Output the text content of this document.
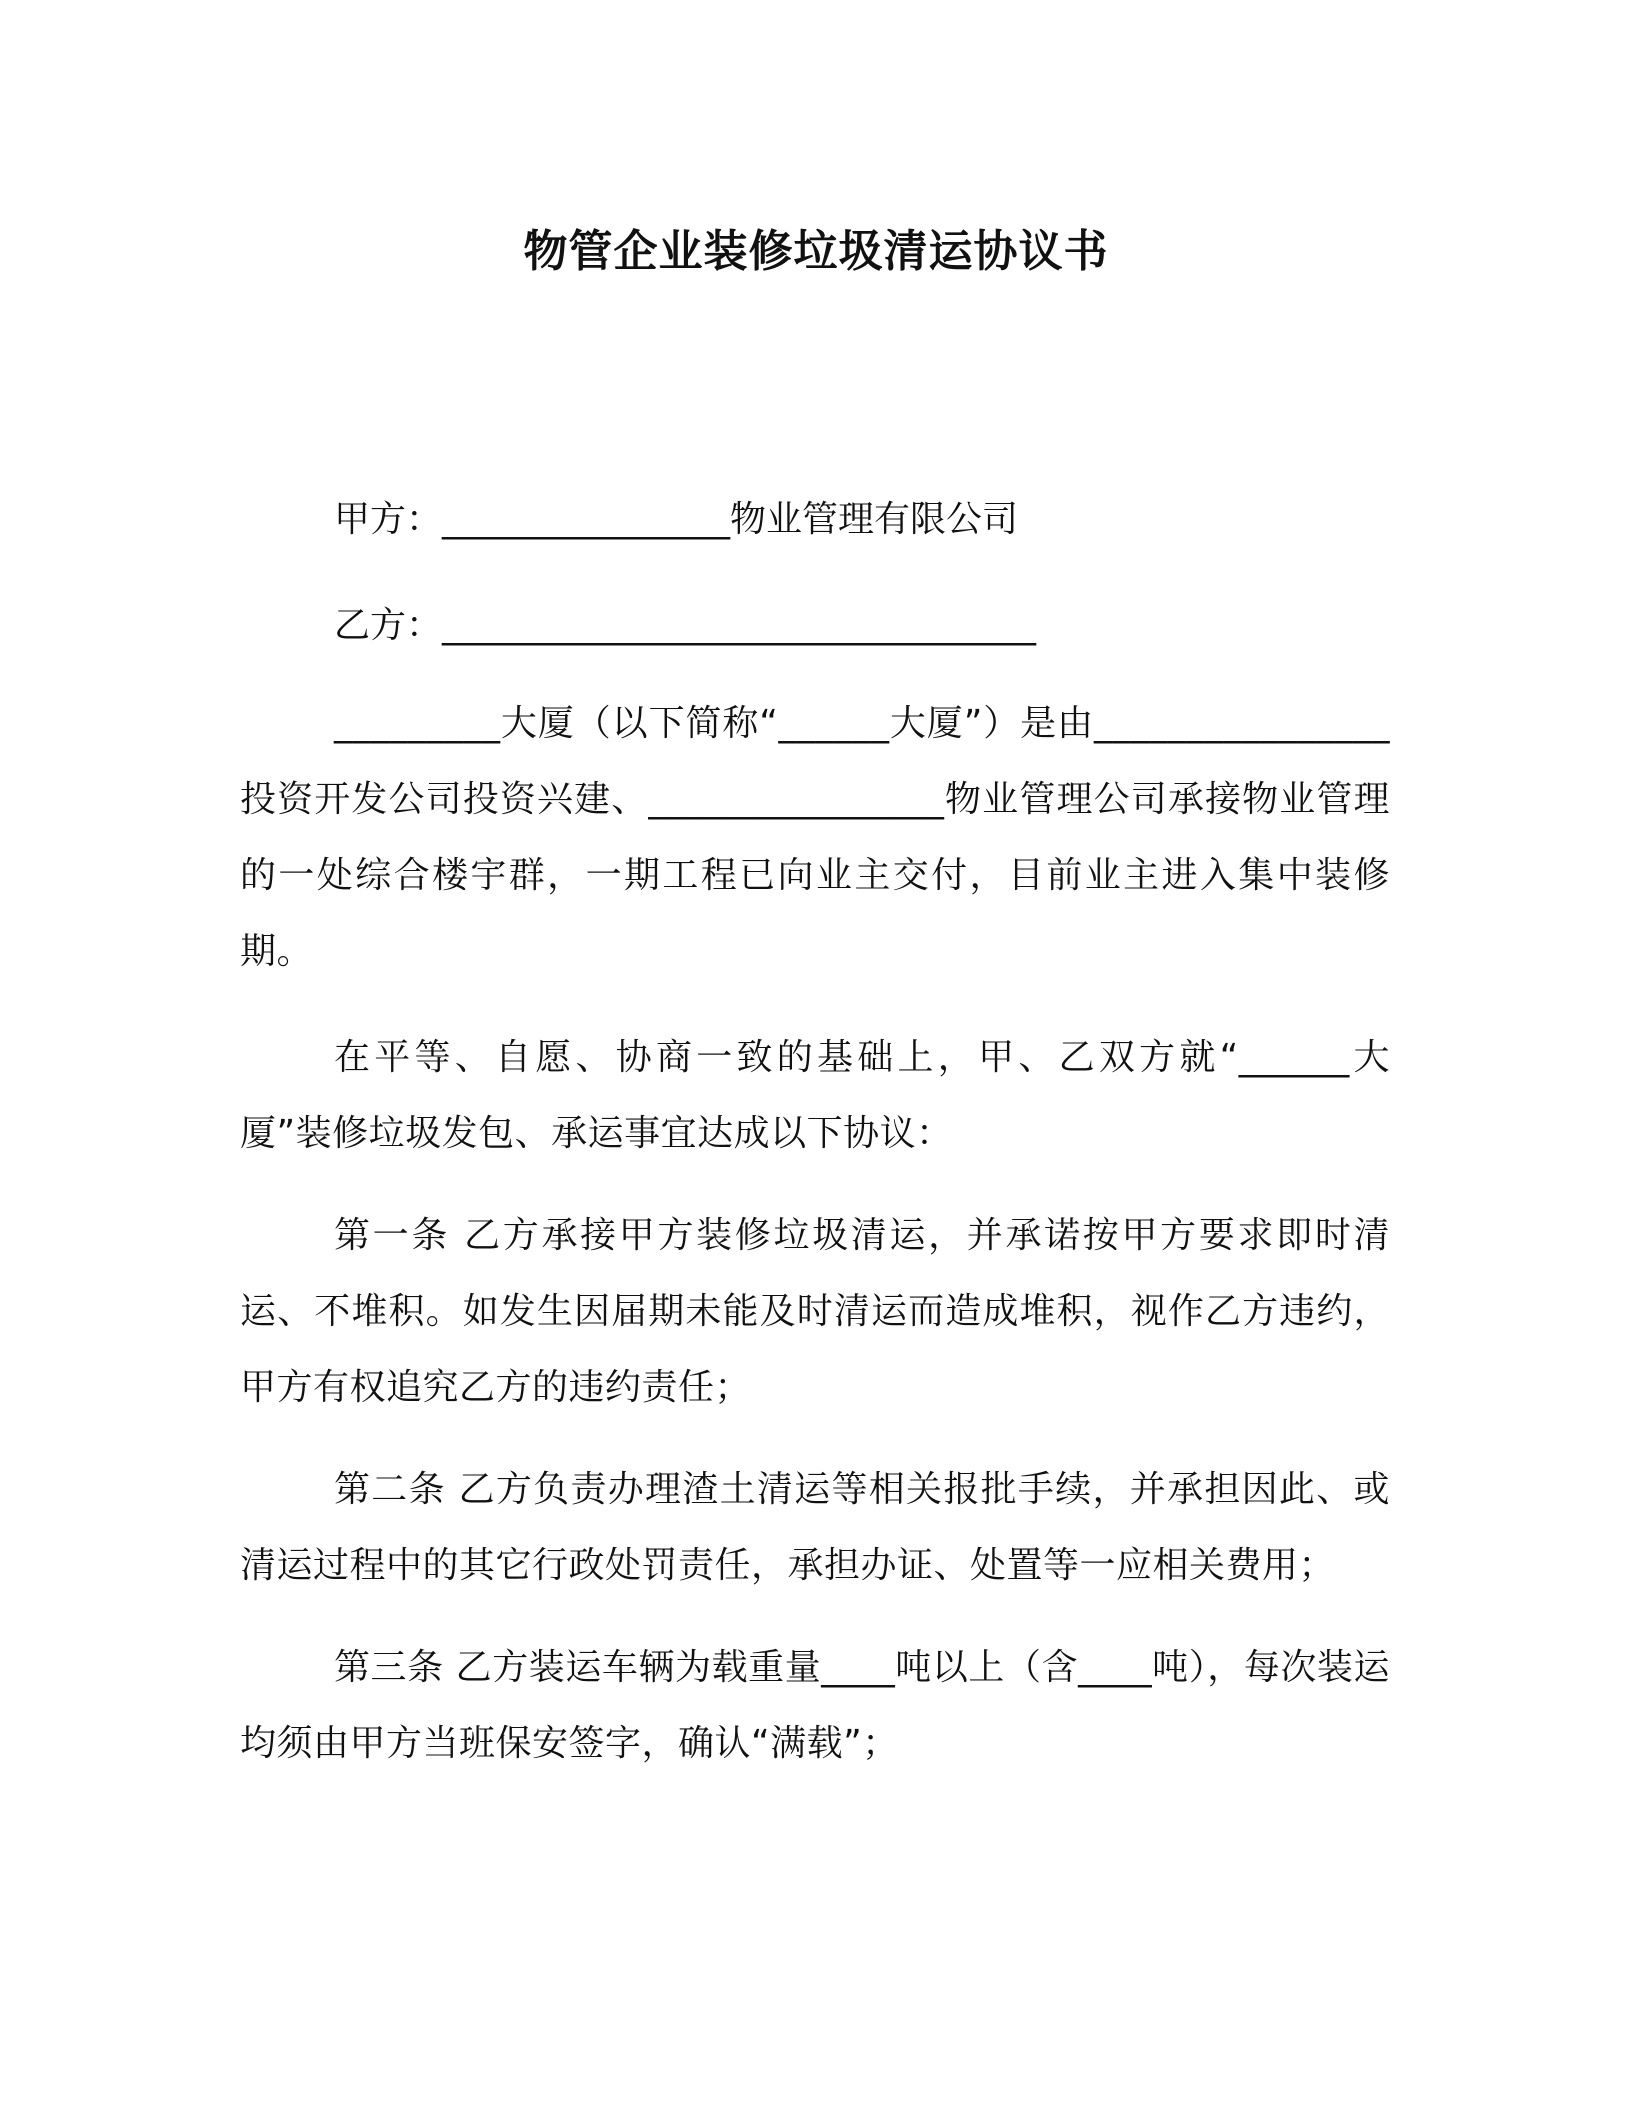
物管企业装修垃圾清运协议书
甲方：________________物业管理有限公司
乙方：_________________________________

_________大厦（以下简称“______大厦”）是由________________投资开发公司投资兴建、________________物业管理公司承接物业管理的一处综合楼宇群，一期工程已向业主交付，目前业主进入集中装修期。

在平等、自愿、协商一致的基础上，甲、乙双方就“______大厦”装修垃圾发包、承运事宜达成以下协议：

第一条 乙方承接甲方装修垃圾清运，并承诺按甲方要求即时清运、不堆积。如发生因届期未能及时清运而造成堆积，视作乙方违约，甲方有权追究乙方的违约责任；

第二条 乙方负责办理渣土清运等相关报批手续，并承担因此、或清运过程中的其它行政处罚责任，承担办证、处置等一应相关费用；

第三条 乙方装运车辆为载重量____吨以上（含____吨），每次装运均须由甲方当班保安签字，确认“满载”；
